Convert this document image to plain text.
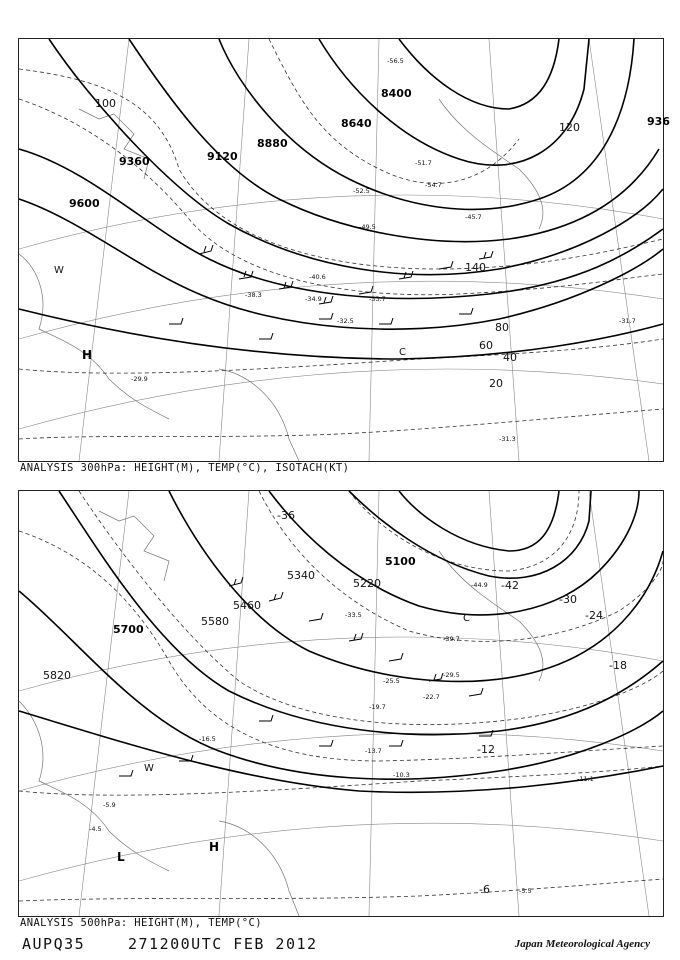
9600
9360	9120
8880
8640
8400
936
100
80
40
20
60
120
140
-29.9
-31.7
-31.3
-32.5
-33.7
-34.9
-38.3
-40.6
-45.7
-49.5
-51.7
-52.5
-54.7
-56.5
H
W
C
ANALYSIS 300hPa: HEIGHT(M), TEMP(°C), ISOTACH(KT)
5820
5700
5580
5460
5340
5220
5100
-6
-12
-18
-24
-30
-36
-42
-4.5
-5.5
-5.9
-10.3	-11.1
-13.7
-16.5
-19.7
-22.7
-25.5
-29.5
-33.5
-39.7
-44.9
H
L
W
C
ANALYSIS 500hPa: HEIGHT(M), TEMP(°C)
AUPQ35	271200UTC FEB 2012	Japan Meteorological Agency
